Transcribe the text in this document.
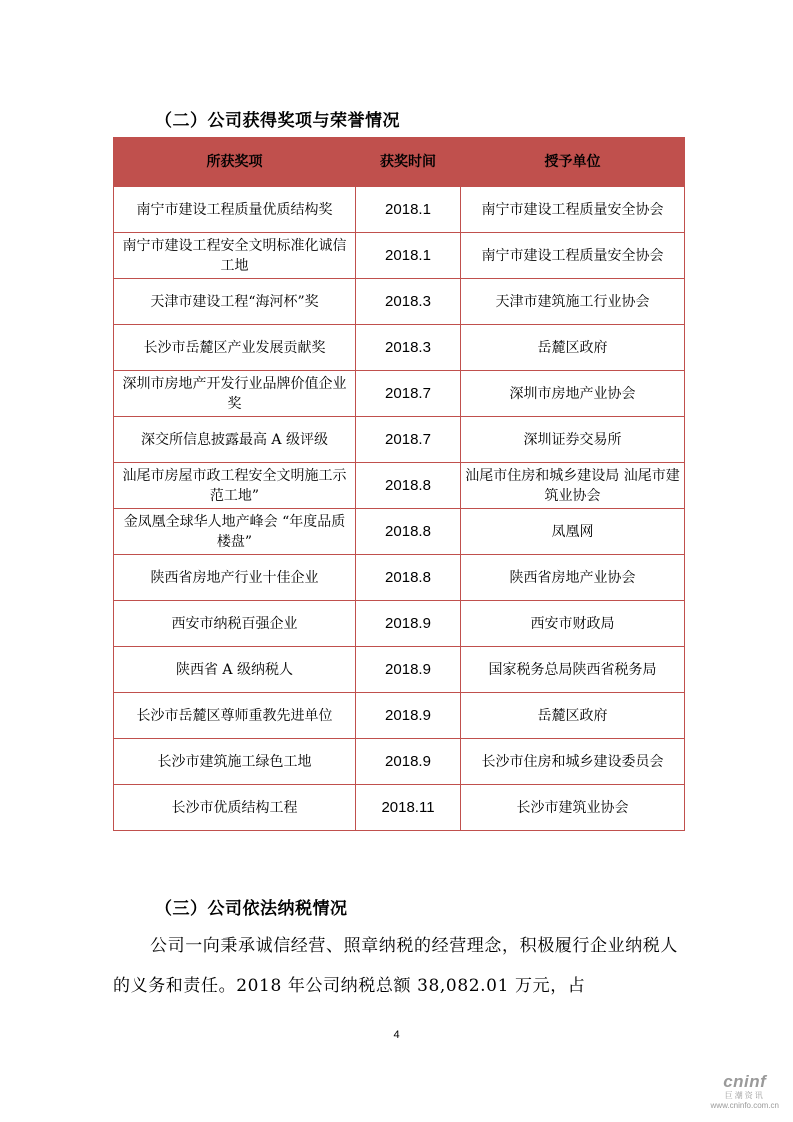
（二）公司获得奖项与荣誉情况
所获奖项	获奖时间	授予单位
南宁市建设工程质量优质结构奖	2018.1	南宁市建设工程质量安全协会
南宁市建设工程安全文明标准化诚信工地	2018.1	南宁市建设工程质量安全协会
天津市建设工程“海河杯”奖	2018.3	天津市建筑施工行业协会
长沙市岳麓区产业发展贡献奖	2018.3	岳麓区政府
深圳市房地产开发行业品牌价值企业奖	2018.7	深圳市房地产业协会
深交所信息披露最高 A 级评级	2018.7	深圳证券交易所
汕尾市房屋市政工程安全文明施工示范工地”	2018.8	汕尾市住房和城乡建设局 汕尾市建筑业协会
金凤凰全球华人地产峰会 “年度品质楼盘”	2018.8	凤凰网
陕西省房地产行业十佳企业	2018.8	陕西省房地产业协会
西安市纳税百强企业	2018.9	西安市财政局
陕西省 A 级纳税人	2018.9	国家税务总局陕西省税务局
长沙市岳麓区尊师重教先进单位	2018.9	岳麓区政府
长沙市建筑施工绿色工地	2018.9	长沙市住房和城乡建设委员会
长沙市优质结构工程	2018.11	长沙市建筑业协会
（三）公司依法纳税情况
公司一向秉承诚信经营、照章纳税的经营理念，积极履行企业纳税人的义务和责任。2018 年公司纳税总额 38,082.01 万元，占
4
cninf
巨潮资讯
www.cninfo.com.cn
